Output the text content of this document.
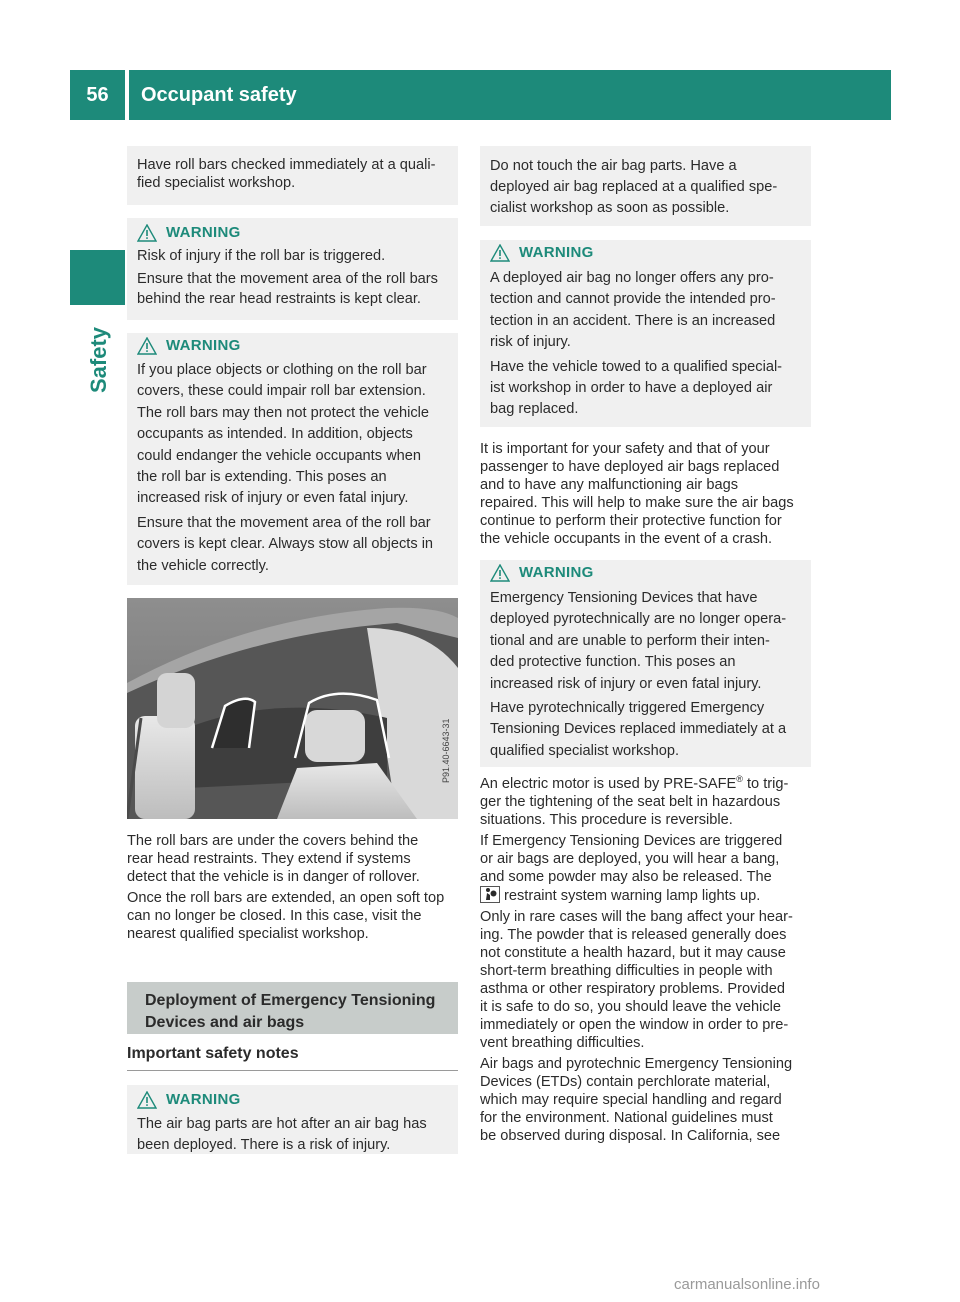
56	Occupant safety
Safety
Have roll bars checked immediately at a quali-
fied specialist workshop.
WARNING

Risk of injury if the roll bar is triggered.

Ensure that the movement area of the roll bars

behind the rear head restraints is kept clear.

WARNING
If you place objects or clothing on the roll bar
covers, these could impair roll bar extension.
The roll bars may then not protect the vehicle
occupants as intended. In addition, objects
could endanger the vehicle occupants when
the roll bar is extending. This poses an
increased risk of injury or even fatal injury.
Ensure that the movement area of the roll bar
covers is kept clear. Always stow all objects in
the vehicle correctly.
P91.40-6643-31
The roll bars are under the covers behind the
rear head restraints. They extend if systems
detect that the vehicle is in danger of rollover.
Once the roll bars are extended, an open soft top
can no longer be closed. In this case, visit the
nearest qualified specialist workshop.
Deployment of Emergency Tensioning
Devices and air bags
Important safety notes
WARNING
The air bag parts are hot after an air bag has
been deployed. There is a risk of injury.
Do not touch the air bag parts. Have a
deployed air bag replaced at a qualified spe-
cialist workshop as soon as possible.
WARNING
A deployed air bag no longer offers any pro-
tection and cannot provide the intended pro-
tection in an accident. There is an increased
risk of injury.
Have the vehicle towed to a qualified special-
ist workshop in order to have a deployed air
bag replaced.
It is important for your safety and that of your
passenger to have deployed air bags replaced
and to have any malfunctioning air bags
repaired. This will help to make sure the air bags
continue to perform their protective function for
the vehicle occupants in the event of a crash.
WARNING
Emergency Tensioning Devices that have
deployed pyrotechnically are no longer opera-
tional and are unable to perform their inten-
ded protective function. This poses an
increased risk of injury or even fatal injury.
Have pyrotechnically triggered Emergency
Tensioning Devices replaced immediately at a
qualified specialist workshop.
An electric motor is used by PRE-SAFE® to trig-
ger the tightening of the seat belt in hazardous
situations. This procedure is reversible.
If Emergency Tensioning Devices are triggered
or air bags are deployed, you will hear a bang,
and some powder may also be released. The
restraint system warning lamp lights up.
Only in rare cases will the bang affect your hear-
ing. The powder that is released generally does
not constitute a health hazard, but it may cause
short-term breathing difficulties in people with
asthma or other respiratory problems. Provided
it is safe to do so, you should leave the vehicle
immediately or open the window in order to pre-
vent breathing difficulties.
Air bags and pyrotechnic Emergency Tensioning
Devices (ETDs) contain perchlorate material,
which may require special handling and regard
for the environment. National guidelines must
be observed during disposal. In California, see
carmanualsonline.info
